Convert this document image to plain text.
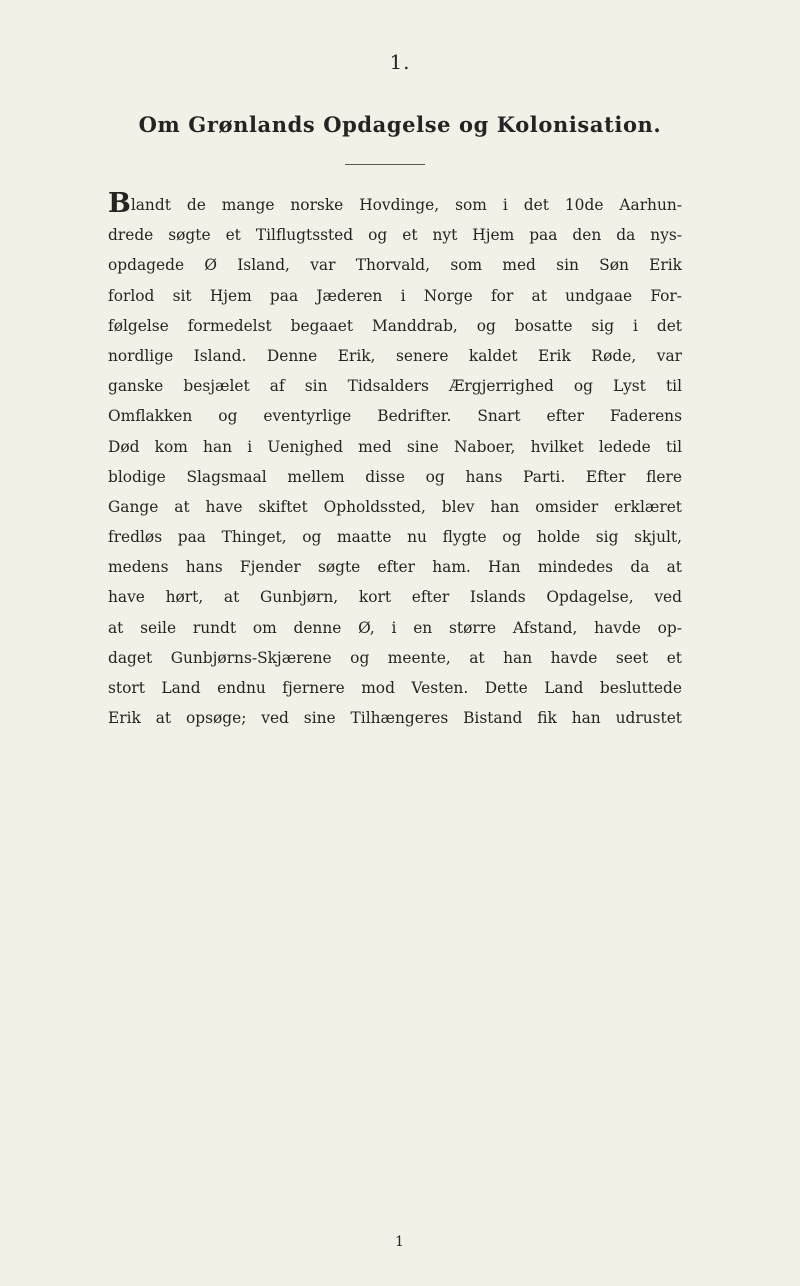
1.
Om Grønlands Opdagelse og Kolonisation.
Blandt de mange norske Hovdinge, som i det 10de Aarhun-
drede søgte et Tilflugtssted og et nyt Hjem paa den da nys-
opdagede Ø Island, var Thorvald, som med sin Søn Erik
forlod sit Hjem paa Jæderen i Norge for at undgaae For-
følgelse formedelst begaaet Manddrab, og bosatte sig i det
nordlige Island. Denne Erik, senere kaldet Erik Røde, var
ganske besjælet af sin Tidsalders Ærgjerrighed og Lyst til
Omflakken og eventyrlige Bedrifter. Snart efter Faderens
Død kom han i Uenighed med sine Naboer, hvilket ledede til
blodige Slagsmaal mellem disse og hans Parti. Efter flere
Gange at have skiftet Opholdssted, blev han omsider erklæret
fredløs paa Thinget, og maatte nu flygte og holde sig skjult,
medens hans Fjender søgte efter ham. Han mindedes da at
have hørt, at Gunbjørn, kort efter Islands Opdagelse, ved
at seile rundt om denne Ø, i en større Afstand, havde op-
daget Gunbjørns-Skjærene og meente, at han havde seet et
stort Land endnu fjernere mod Vesten. Dette Land besluttede
Erik at opsøge; ved sine Tilhængeres Bistand fik han udrustet
1
